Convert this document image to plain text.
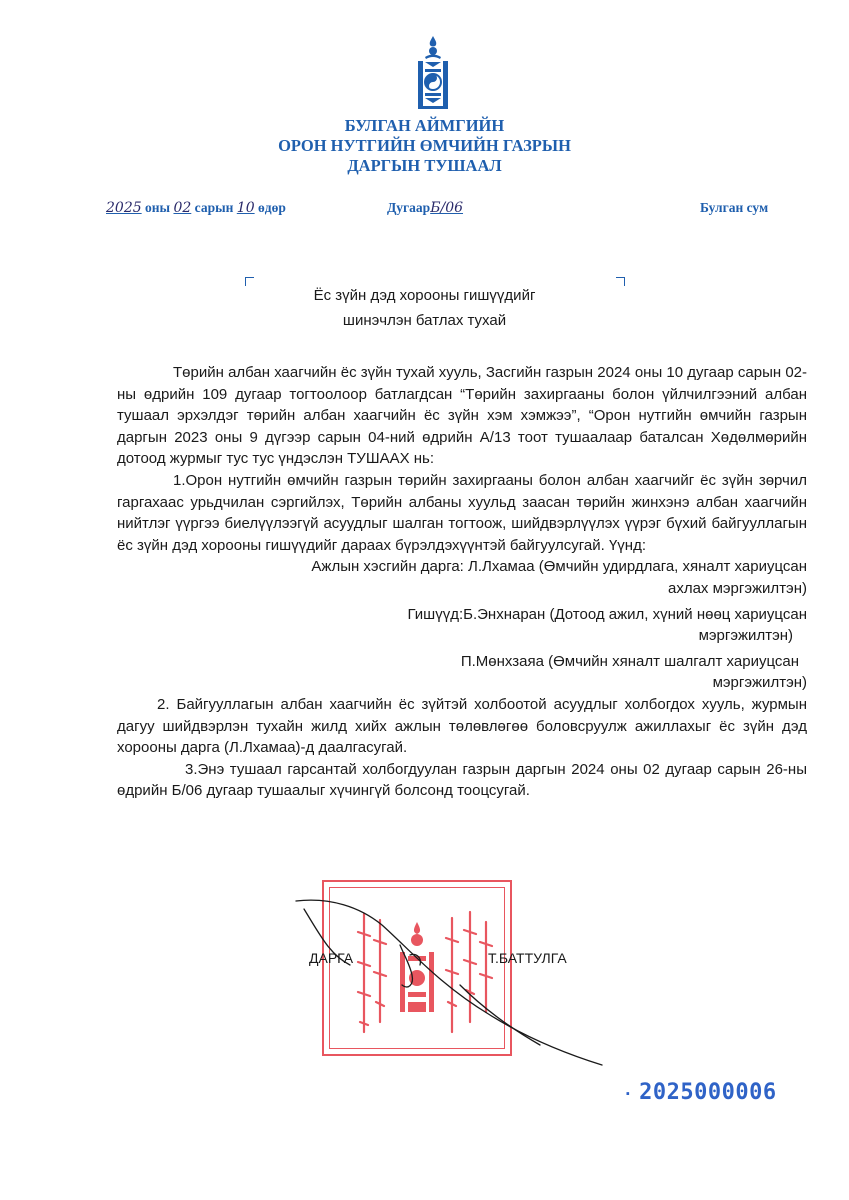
БУЛГАН АЙМГИЙН
ОРОН НУТГИЙН ӨМЧИЙН ГАЗРЫН
ДАРГЫН ТУШААЛ
2025 оны 02 сарын 10 өдөр	ДугаарБ/06	Булган сум
Ёс зүйн дэд хорооны гишүүдийг
шинэчлэн батлах тухай

Төрийн албан хаагчийн ёс зүйн тухай хууль, Засгийн газрын 2024 оны 10 дугаар сарын 02-ны өдрийн 109 дугаар тогтоолоор батлагдсан “Төрийн захиргааны болон үйлчилгээний албан тушаал эрхэлдэг төрийн албан хаагчийн ёс зүйн хэм хэмжээ”, “Орон нутгийн өмчийн газрын даргын 2023 оны 9 дүгээр сарын 04-ний өдрийн А/13 тоот тушаалаар баталсан Хөдөлмөрийн дотоод журмыг тус тус үндэслэн ТУШААХ нь:

1.Орон нутгийн өмчийн газрын төрийн захиргааны болон албан хаагчийг ёс зүйн зөрчил гаргахаас урьдчилан сэргийлэх, Төрийн албаны хуульд заасан төрийн жинхэнэ албан хаагчийн нийтлэг үүргээ биелүүлээгүй асуудлыг шалган тогтоож, шийдвэрлүүлэх үүрэг бүхий байгууллагын ёс зүйн дэд хорооны гишүүдийг дараах бүрэлдэхүүнтэй байгуулсугай. Үүнд:

Ажлын хэсгийн дарга: Л.Лхамаа (Өмчийн удирдлага, хяналт хариуцсан

ахлах мэргэжилтэн)

Гишүүд:Б.Энхнаран (Дотоод ажил, хүний нөөц хариуцсан

мэргэжилтэн)

П.Мөнхзаяа (Өмчийн хяналт шалгалт хариуцсан

мэргэжилтэн)

2. Байгууллагын албан хаагчийн ёс зүйтэй холбоотой асуудлыг холбогдох хууль, журмын дагуу шийдвэрлэн тухайн жилд хийх ажлын төлөвлөгөө боловсруулж ажиллахыг ёс зүйн дэд хорооны дарга (Л.Лхамаа)-д даалгасугай.

3.Энэ тушаал гарсантай холбогдуулан газрын даргын 2024 оны 02 дугаар сарын 26-ны өдрийн Б/06 дугаар тушаалыг хүчингүй болсонд тооцсугай.

ДАРГА	Т.БАТТУЛГА
· 2025000006
